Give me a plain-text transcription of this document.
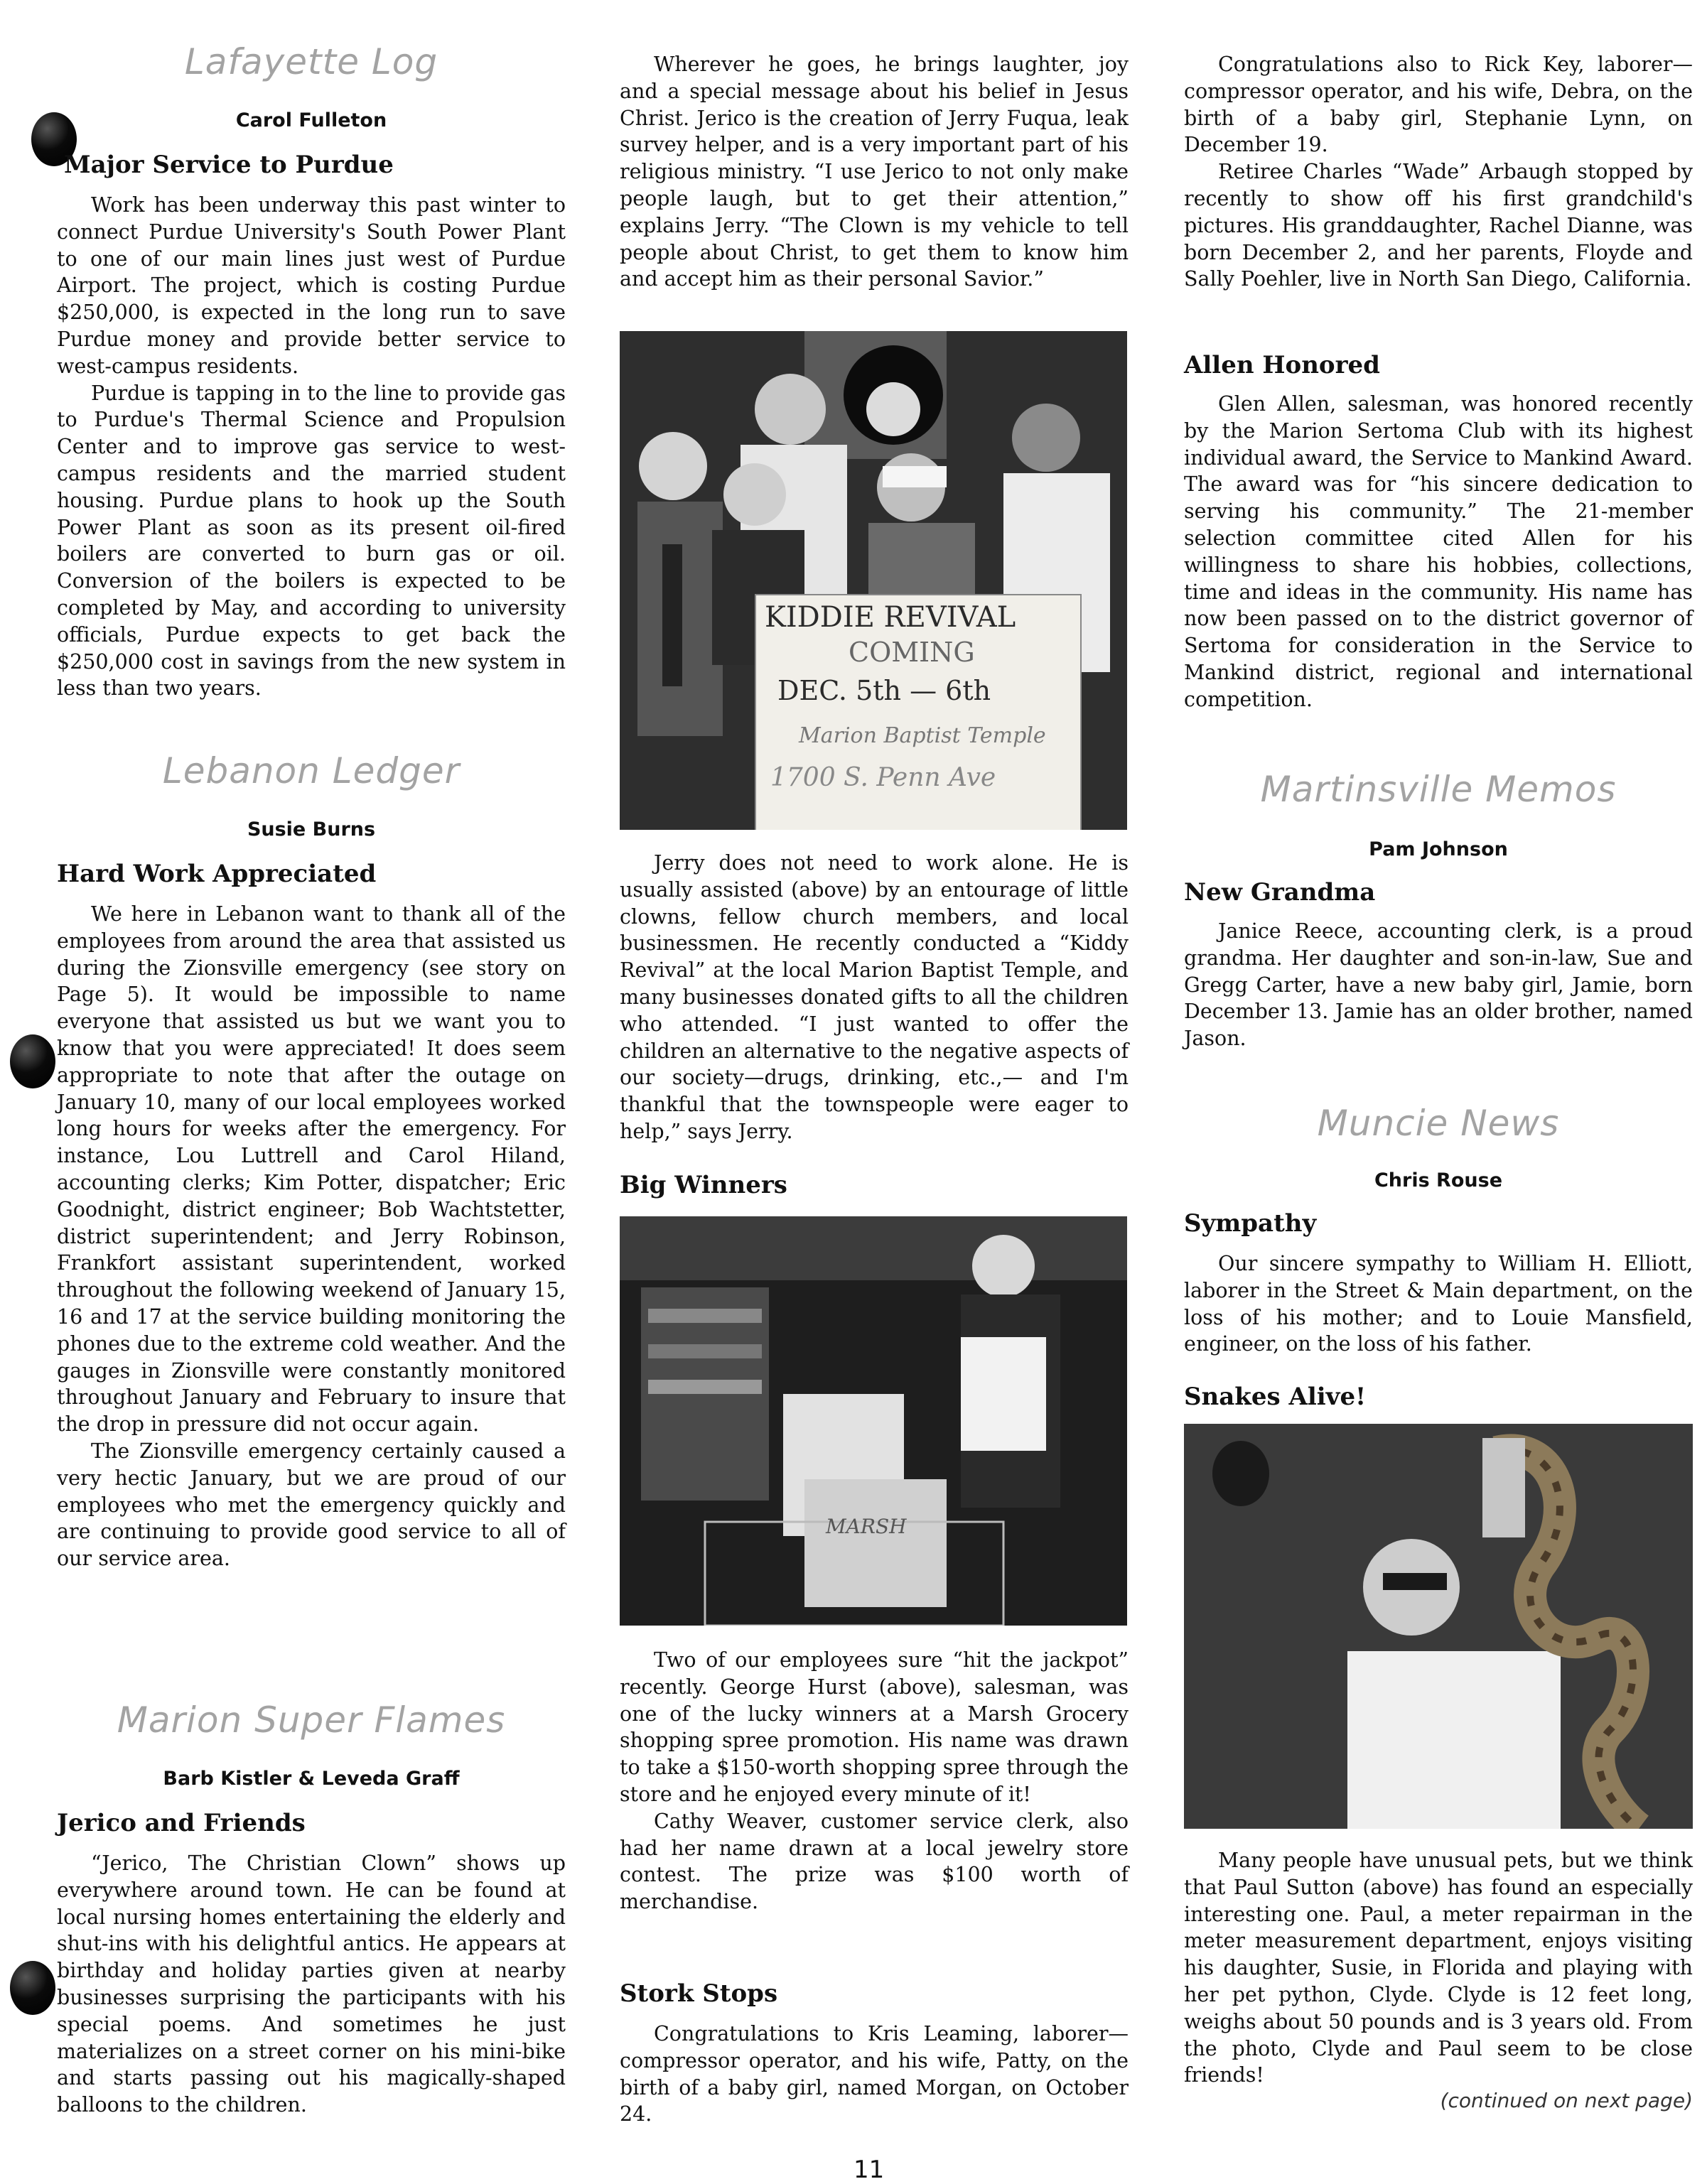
Lafayette Log
Carol Fulleton
Major Service to Purdue

Work has been underway this past winter to connect Purdue University's South Power Plant to one of our main lines just west of Purdue Airport. The project, which is costing Purdue $250,000, is expected in the long run to save Purdue money and provide better service to west-campus residents.

Purdue is tapping in to the line to provide gas to Purdue's Thermal Science and Propulsion Center and to improve gas service to west-campus residents and the married student housing. Purdue plans to hook up the South Power Plant as soon as its present oil-fired boilers are converted to burn gas or oil. Conversion of the boilers is expected to be completed by May, and according to university officials, Purdue expects to get back the $250,000 cost in savings from the new system in less than two years.

Lebanon Ledger
Susie Burns
Hard Work Appreciated

We here in Lebanon want to thank all of the employees from around the area that assisted us during the Zionsville emergency (see story on Page 5). It would be impossible to name everyone that assisted us but we want you to know that you were appreciated! It does seem appropriate to note that after the outage on January 10, many of our local employees worked long hours for weeks after the emergency. For instance, Lou Luttrell and Carol Hiland, accounting clerks; Kim Potter, dispatcher; Eric Goodnight, district engineer; Bob Wachtstetter, district superintendent; and Jerry Robinson, Frankfort assistant superintendent, worked throughout the following weekend of January 15, 16 and 17 at the service building monitoring the phones due to the extreme cold weather. And the gauges in Zionsville were constantly monitored throughout January and February to insure that the drop in pressure did not occur again.

The Zionsville emergency certainly caused a very hectic January, but we are proud of our employees who met the emergency quickly and are continuing to provide good service to all of our service area.

Marion Super Flames
Barb Kistler & Leveda Graff
Jerico and Friends

“Jerico, The Christian Clown” shows up everywhere around town. He can be found at local nursing homes entertaining the elderly and shut-ins with his delightful antics. He appears at birthday and holiday parties given at nearby businesses surprising the participants with his special poems. And sometimes he just materializes on a street corner on his mini-bike and starts passing out his magically-shaped balloons to the children.

Wherever he goes, he brings laughter, joy and a special message about his belief in Jesus Christ. Jerico is the creation of Jerry Fuqua, leak survey helper, and is a very important part of his religious ministry. “I use Jerico to not only make people laugh, but to get their attention,” explains Jerry. “The Clown is my vehicle to tell people about Christ, to get them to know him and accept him as their personal Savior.”

KIDDIE REVIVAL
COMING
DEC. 5th — 6th
Marion Baptist Temple
1700 S. Penn Ave

Jerry does not need to work alone. He is usually assisted (above) by an entourage of little clowns, fellow church members, and local businessmen. He recently conducted a “Kiddy Revival” at the local Marion Baptist Temple, and many businesses donated gifts to all the children who attended. “I just wanted to offer the children an alternative to the negative aspects of our society—drugs, drinking, etc.,— and I'm thankful that the townspeople were eager to help,” says Jerry.

Big Winners
MARSH

Two of our employees sure “hit the jackpot” recently. George Hurst (above), salesman, was one of the lucky winners at a Marsh Grocery shopping spree promotion. His name was drawn to take a $150-worth shopping spree through the store and he enjoyed every minute of it!

Cathy Weaver, customer service clerk, also had her name drawn at a local jewelry store contest. The prize was $100 worth of merchandise.

Stork Stops

Congratulations to Kris Leaming, laborer—compressor operator, and his wife, Patty, on the birth of a baby girl, named Morgan, on October 24.

Congratulations also to Rick Key, laborer—compressor operator, and his wife, Debra, on the birth of a baby girl, Stephanie Lynn, on December 19.

Retiree Charles “Wade” Arbaugh stopped by recently to show off his first grandchild's pictures. His granddaughter, Rachel Dianne, was born December 2, and her parents, Floyde and Sally Poehler, live in North San Diego, California.

Allen Honored

Glen Allen, salesman, was honored recently by the Marion Sertoma Club with its highest individual award, the Service to Mankind Award. The award was for “his sincere dedication to serving his community.” The 21-member selection committee cited Allen for his willingness to share his hobbies, collections, time and ideas in the community. His name has now been passed on to the district governor of Sertoma for consideration in the Service to Mankind district, regional and international competition.

Martinsville Memos
Pam Johnson
New Grandma

Janice Reece, accounting clerk, is a proud grandma. Her daughter and son-in-law, Sue and Gregg Carter, have a new baby girl, Jamie, born December 13. Jamie has an older brother, named Jason.

Muncie News
Chris Rouse
Sympathy

Our sincere sympathy to William H. Elliott, laborer in the Street & Main department, on the loss of his mother; and to Louie Mansfield, engineer, on the loss of his father.

Snakes Alive!

Many people have unusual pets, but we think that Paul Sutton (above) has found an especially interesting one. Paul, a meter repairman in the meter measurement department, enjoys visiting his daughter, Susie, in Florida and playing with her pet python, Clyde. Clyde is 12 feet long, weighs about 50 pounds and is 3 years old. From the photo, Clyde and Paul seem to be close friends!

(continued on next page)
11
